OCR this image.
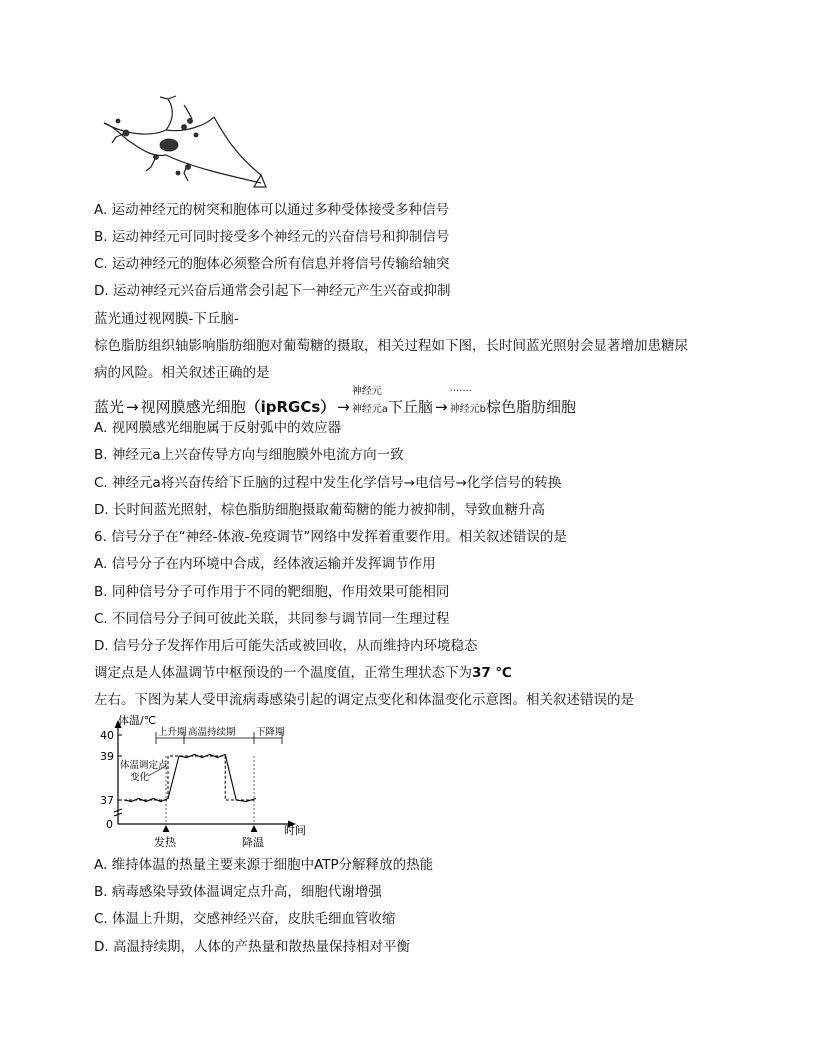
A. 运动神经元的树突和胞体可以通过多种受体接受多种信号
B. 运动神经元可同时接受多个神经元的兴奋信号和抑制信号
C. 运动神经元的胞体必须整合所有信息并将信号传输给轴突
D. 运动神经元兴奋后通常会引起下一神经元产生兴奋或抑制
蓝光通过视网膜-下丘脑-
棕色脂肪组织轴影响脂肪细胞对葡萄糖的摄取，相关过程如下图，长时间蓝光照射会显著增加患糖尿
病的风险。相关叙述正确的是
蓝光 → 视网膜感光细胞（ipRGCs） →
神经元
神经元a下丘脑 →
·······
神经元b棕色脂肪细胞
A. 视网膜感光细胞属于反射弧中的效应器
B. 神经元a上兴奋传导方向与细胞膜外电流方向一致
C. 神经元a将兴奋传给下丘脑的过程中发生化学信号→电信号→化学信号的转换
D. 长时间蓝光照射，棕色脂肪细胞摄取葡萄糖的能力被抑制，导致血糖升高
6. 信号分子在“神经-体液-免疫调节”网络中发挥着重要作用。相关叙述错误的是
A. 信号分子在内环境中合成，经体液运输并发挥调节作用
B. 同种信号分子可作用于不同的靶细胞，作用效果可能相同
C. 不同信号分子间可彼此关联，共同参与调节同一生理过程
D. 信号分子发挥作用后可能失活或被回收，从而维持内环境稳态
调定点是人体温调节中枢预设的一个温度值，正常生理状态下为37 ℃
左右。下图为某人受甲流病毒感染引起的调定点变化和体温变化示意图。相关叙述错误的是
体温/℃
时间
40
39
37
0
上升期 高温持续期 下降期
体温调定点
变化
发热	降温
A. 维持体温的热量主要来源于细胞中ATP分解释放的热能
B. 病毒感染导致体温调定点升高，细胞代谢增强
C. 体温上升期，交感神经兴奋，皮肤毛细血管收缩
D. 高温持续期，人体的产热量和散热量保持相对平衡
